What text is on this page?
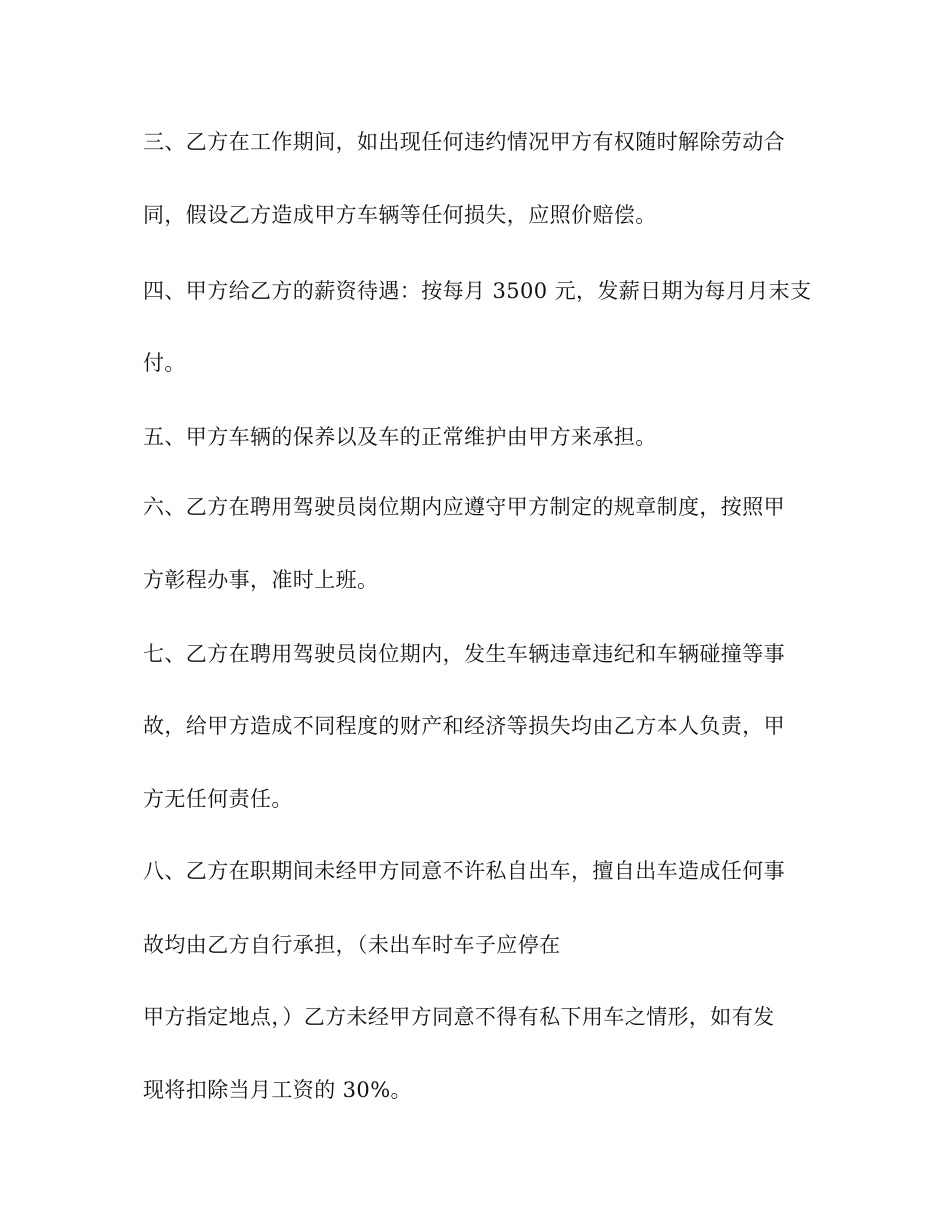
三、乙方在工作期间，如出现任何违约情况甲方有权随时解除劳动合
同，假设乙方造成甲方车辆等任何损失，应照价赔偿。
四、甲方给乙方的薪资待遇：按每月 3500 元，发薪日期为每月月末支
付。
五、甲方车辆的保养以及车的正常维护由甲方来承担。
六、乙方在聘用驾驶员岗位期内应遵守甲方制定的规章制度，按照甲
方彰程办事，准时上班。
七、乙方在聘用驾驶员岗位期内，发生车辆违章违纪和车辆碰撞等事
故，给甲方造成不同程度的财产和经济等损失均由乙方本人负责，甲
方无任何责任。
八、乙方在职期间未经甲方同意不许私自出车，擅自出车造成任何事
故均由乙方自行承担，（未出车时车子应停在
甲方指定地点，）乙方未经甲方同意不得有私下用车之情形，如有发
现将扣除当月工资的 30%。
